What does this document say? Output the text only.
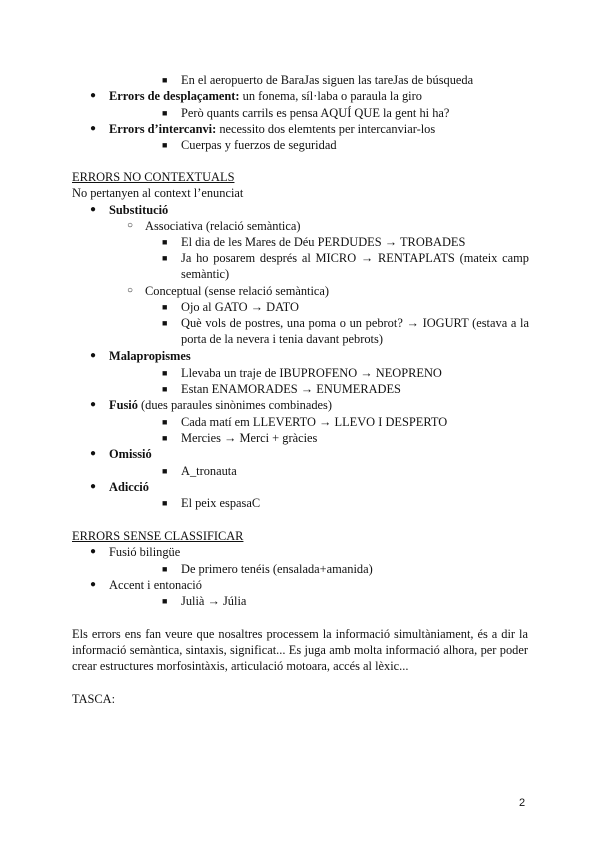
■ En el aeropuerto de BaraJas siguen las tareJas de búsqueda
● Errors de desplaçament: un fonema, síl·laba o paraula la giro
■ Però quants carrils es pensa AQUÍ QUE la gent hi ha?
● Errors d’intercanvi: necessito dos elemtents per intercanviar-los
■ Cuerpas y fuerzos de seguridad
ERRORS NO CONTEXTUALS
No pertanyen al context l’enunciat
● Substitució
○ Associativa (relació semàntica)
■ El dia de les Mares de Déu PERDUDES → TROBADES
■ Ja ho posarem després al MICRO → RENTAPLATS (mateix camp semàntic)
○ Conceptual (sense relació semàntica)
■ Ojo al GATO → DATO
■ Què vols de postres, una poma o un pebrot? → IOGURT (estava a la porta de la nevera i tenia davant pebrots)
● Malapropismes
■ Llevaba un traje de IBUPROFENO → NEOPRENO
■ Estan ENAMORADES → ENUMERADES
● Fusió (dues paraules sinònimes combinades)
■ Cada matí em LLEVERTO → LLEVO I DESPERTO
■ Mercies → Merci + gràcies
● Omissió
■ A_tronauta
● Adicció
■ El peix espasaC
ERRORS SENSE CLASSIFICAR
● Fusió bilingüe
■ De primero tenéis (ensalada+amanida)
● Accent i entonació
■ Julià → Júlia
Els errors ens fan veure que nosaltres processem la informació simultàniament, és a dir la informació semàntica, sintaxis, significat... Es juga amb molta informació alhora, per poder crear estructures morfosintàxis, articulació motoara, accés al lèxic...
TASCA:
2
